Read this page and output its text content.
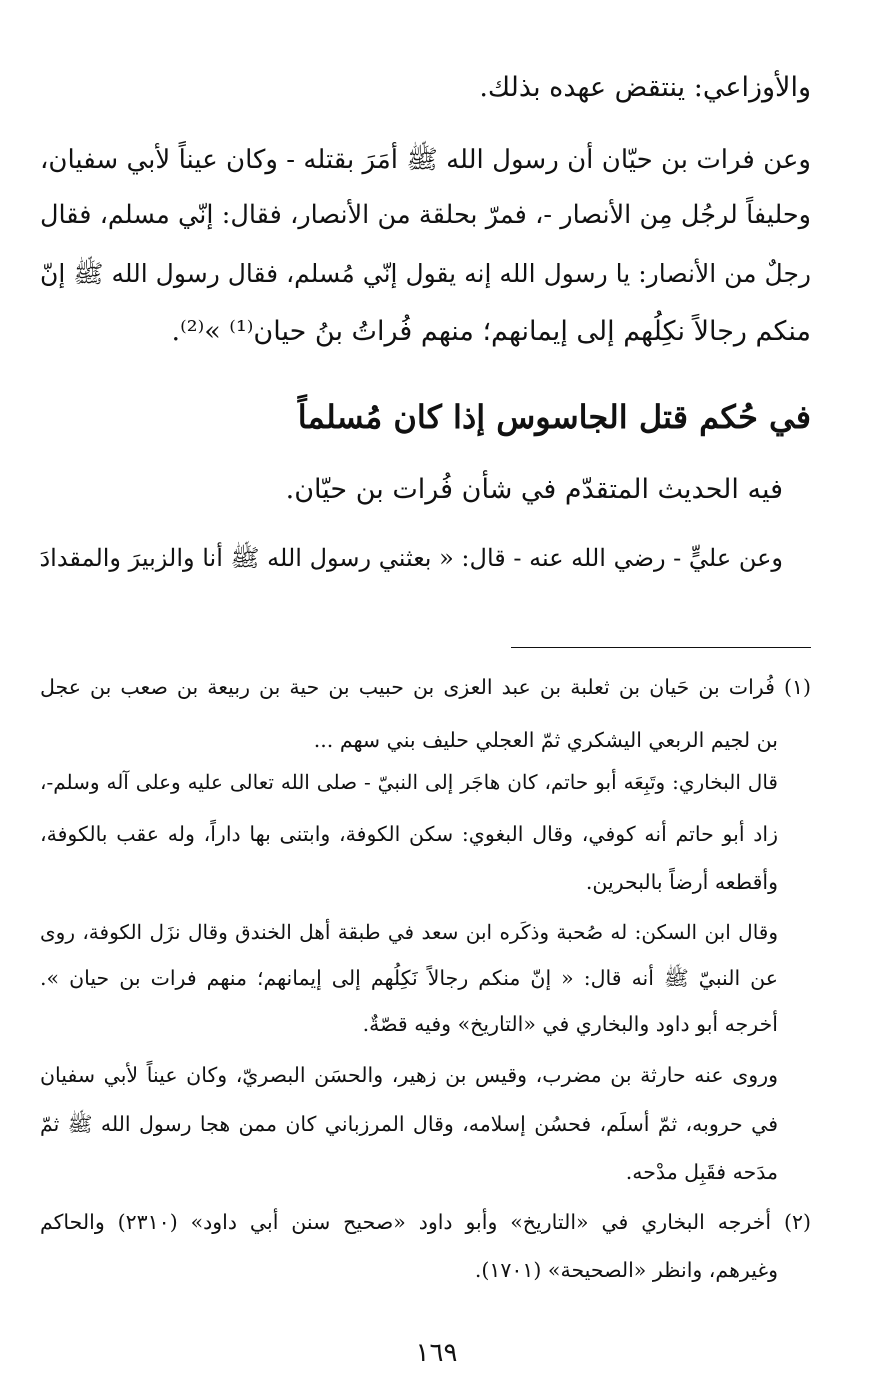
والأوزاعي: ينتقض عهده بذلك.
وعن فرات بن حيّان أن رسول الله ﷺ أمَرَ بقتله - وكان عيناً لأبي سفيان،
وحليفاً لرجُل مِن الأنصار -، فمرّ بحلقة من الأنصار، فقال: إنّي مسلم، فقال
رجلٌ من الأنصار: يا رسول الله إنه يقول إنّي مُسلم، فقال رسول الله ﷺ إنّ
منكم رجالاً نكِلُهم إلى إيمانهم؛ منهم فُراتُ بنُ حيان⁽¹⁾ »⁽²⁾.
في حُكم قتل الجاسوس إذا كان مُسلماً
فيه الحديث المتقدّم في شأن فُرات بن حيّان.
وعن عليٍّ - رضي الله عنه - قال: « بعثني رسول الله ﷺ أنا والزبيرَ والمقدادَ
(١) فُرات بن حَيان بن ثعلبة بن عبد العزى بن حبيب بن حية بن ربيعة بن صعب بن عجل
بن لجيم الربعي اليشكري ثمّ العجلي حليف بني سهم ...
قال البخاري: وتَبِعَه أبو حاتم، كان هاجَر إلى النبيّ - صلى الله تعالى عليه وعلى آله وسلم-،
زاد أبو حاتم أنه كوفي، وقال البغوي: سكن الكوفة، وابتنى بها داراً، وله عقب بالكوفة،
وأقطعه أرضاً بالبحرين.
وقال ابن السكن: له صُحبة وذكَره ابن سعد في طبقة أهل الخندق وقال نزَل الكوفة، روى
عن النبيّ ﷺ أنه قال: « إنّ منكم رجالاً نَكِلُهم إلى إيمانهم؛ منهم فرات بن حيان ».
أخرجه أبو داود والبخاري في «التاريخ» وفيه قصّةٌ.
وروى عنه حارثة بن مضرب، وقيس بن زهير، والحسَن البصريّ، وكان عيناً لأبي سفيان
في حروبه، ثمّ أسلَم، فحسُن إسلامه، وقال المرزباني كان ممن هجا رسول الله ﷺ ثمّ
مدَحه فقَبِل مدْحه.
(٢) أخرجه البخاري في «التاريخ» وأبو داود «صحيح سنن أبي داود» (٢٣١٠) والحاكم
وغيرهم، وانظر «الصحيحة» (١٧٠١).
١٦٩
